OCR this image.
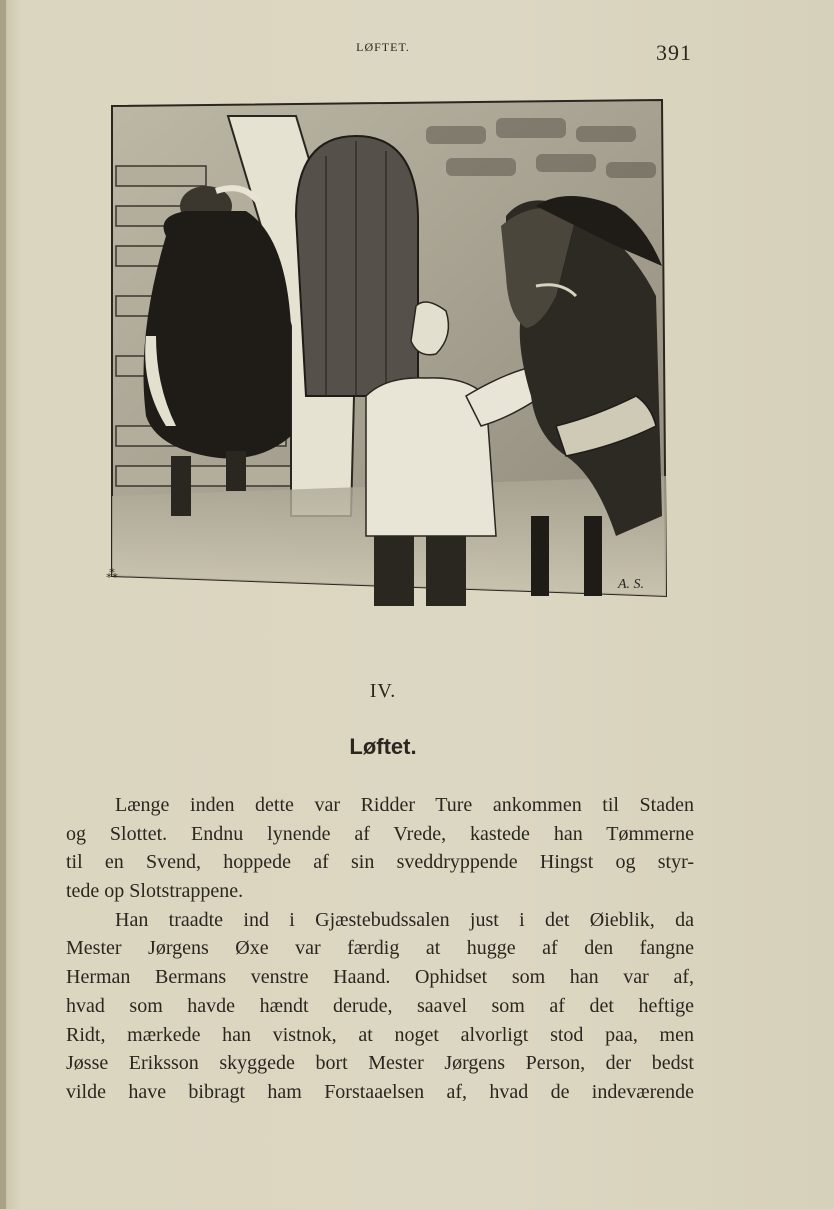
LØFTET.	391
A. S.
⁂
IV.
Løftet.
Længe inden dette var Ridder Ture ankommen til Staden
og Slottet. Endnu lynende af Vrede, kastede han Tømmerne
til en Svend, hoppede af sin sveddryppende Hingst og styr-
tede op Slotstrappene.
Han traadte ind i Gjæstebudssalen just i det Øieblik, da
Mester Jørgens Øxe var færdig at hugge af den fangne
Herman Bermans venstre Haand. Ophidset som han var af,
hvad som havde hændt derude, saavel som af det heftige
Ridt, mærkede han vistnok, at noget alvorligt stod paa, men
Jøsse Eriksson skyggede bort Mester Jørgens Person, der bedst
vilde have bibragt ham Forstaaelsen af, hvad de indeværende
